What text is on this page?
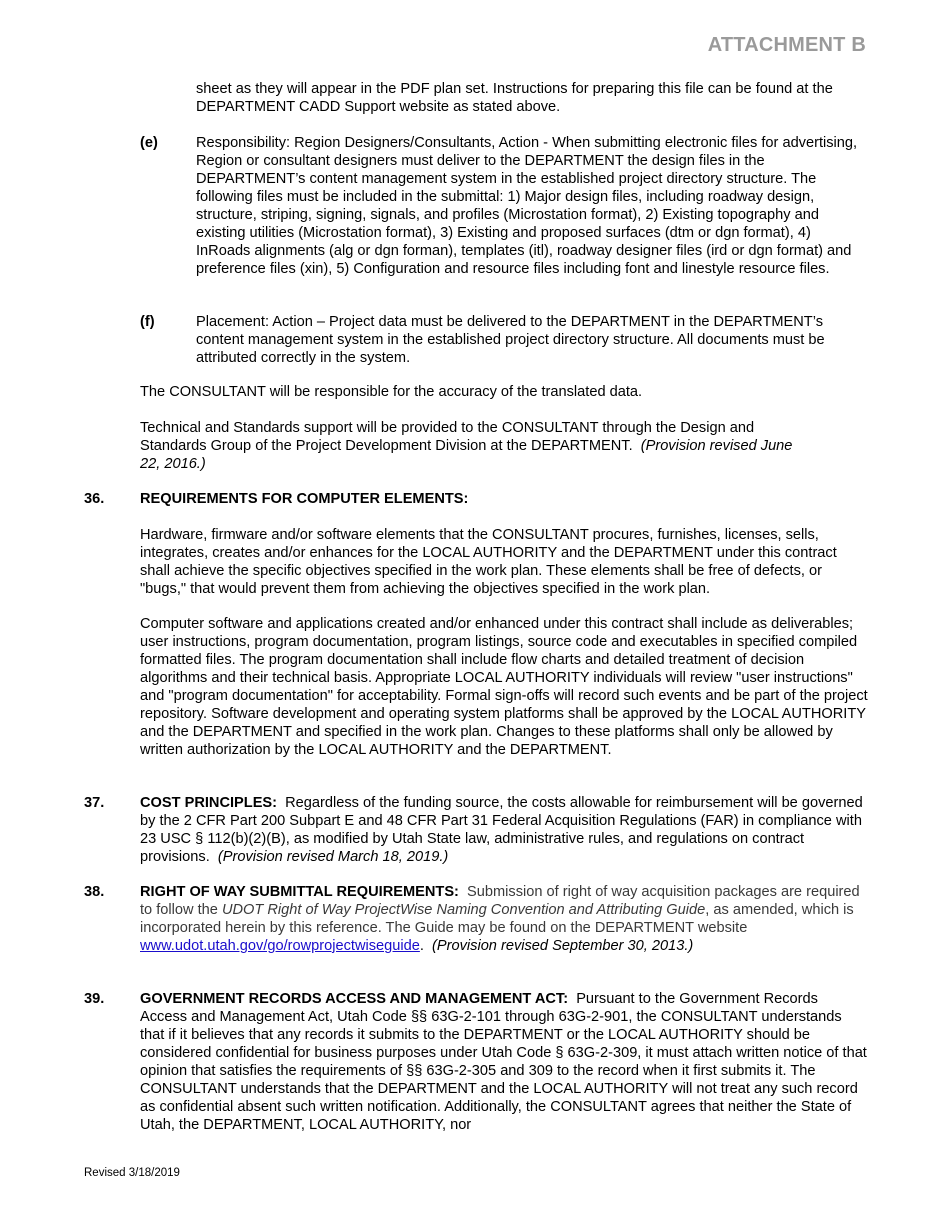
ATTACHMENT B

sheet as they will appear in the PDF plan set. Instructions for preparing this file can be found at the DEPARTMENT CADD Support website as stated above.

(e)	Responsibility: Region Designers/Consultants, Action - When submitting electronic files for advertising, Region or consultant designers must deliver to the DEPARTMENT the design files in the DEPARTMENT’s content management system in the established project directory structure. The following files must be included in the submittal: 1) Major design files, including roadway design, structure, striping, signing, signals, and profiles (Microstation format), 2) Existing topography and existing utilities (Microstation format), 3) Existing and proposed surfaces (dtm or dgn format), 4) InRoads alignments (alg or dgn forman), templates (itl), roadway designer files (ird or dgn format) and preference files (xin), 5) Configuration and resource files including font and linestyle resource files.

(f)	Placement: Action – Project data must be delivered to the DEPARTMENT in the DEPARTMENT’s content management system in the established project directory structure. All documents must be attributed correctly in the system.

The CONSULTANT will be responsible for the accuracy of the translated data.

Technical and Standards support will be provided to the CONSULTANT through the Design and Standards Group of the Project Development Division at the DEPARTMENT. (Provision revised June 22, 2016.)

36. REQUIREMENTS FOR COMPUTER ELEMENTS:

Hardware, firmware and/or software elements that the CONSULTANT procures, furnishes, licenses, sells, integrates, creates and/or enhances for the LOCAL AUTHORITY and the DEPARTMENT under this contract shall achieve the specific objectives specified in the work plan. These elements shall be free of defects, or "bugs," that would prevent them from achieving the objectives specified in the work plan.

Computer software and applications created and/or enhanced under this contract shall include as deliverables; user instructions, program documentation, program listings, source code and executables in specified compiled formatted files. The program documentation shall include flow charts and detailed treatment of decision algorithms and their technical basis. Appropriate LOCAL AUTHORITY individuals will review "user instructions" and "program documentation" for acceptability. Formal sign-offs will record such events and be part of the project repository. Software development and operating system platforms shall be approved by the LOCAL AUTHORITY and the DEPARTMENT and specified in the work plan. Changes to these platforms shall only be allowed by written authorization by the LOCAL AUTHORITY and the DEPARTMENT.

37. COST PRINCIPLES: Regardless of the funding source, the costs allowable for reimbursement will be governed by the 2 CFR Part 200 Subpart E and 48 CFR Part 31 Federal Acquisition Regulations (FAR) in compliance with 23 USC § 112(b)(2)(B), as modified by Utah State law, administrative rules, and regulations on contract provisions. (Provision revised March 18, 2019.)

38. RIGHT OF WAY SUBMITTAL REQUIREMENTS: Submission of right of way acquisition packages are required to follow the UDOT Right of Way ProjectWise Naming Convention and Attributing Guide, as amended, which is incorporated herein by this reference. The Guide may be found on the DEPARTMENT website www.udot.utah.gov/go/rowprojectwiseguide. (Provision revised September 30, 2013.)

39. GOVERNMENT RECORDS ACCESS AND MANAGEMENT ACT: Pursuant to the Government Records Access and Management Act, Utah Code §§ 63G-2-101 through 63G-2-901, the CONSULTANT understands that if it believes that any records it submits to the DEPARTMENT or the LOCAL AUTHORITY should be considered confidential for business purposes under Utah Code § 63G-2-309, it must attach written notice of that opinion that satisfies the requirements of §§ 63G-2-305 and 309 to the record when it first submits it. The CONSULTANT understands that the DEPARTMENT and the LOCAL AUTHORITY will not treat any such record as confidential absent such written notification. Additionally, the CONSULTANT agrees that neither the State of Utah, the DEPARTMENT, LOCAL AUTHORITY, nor

Revised 3/18/2019
